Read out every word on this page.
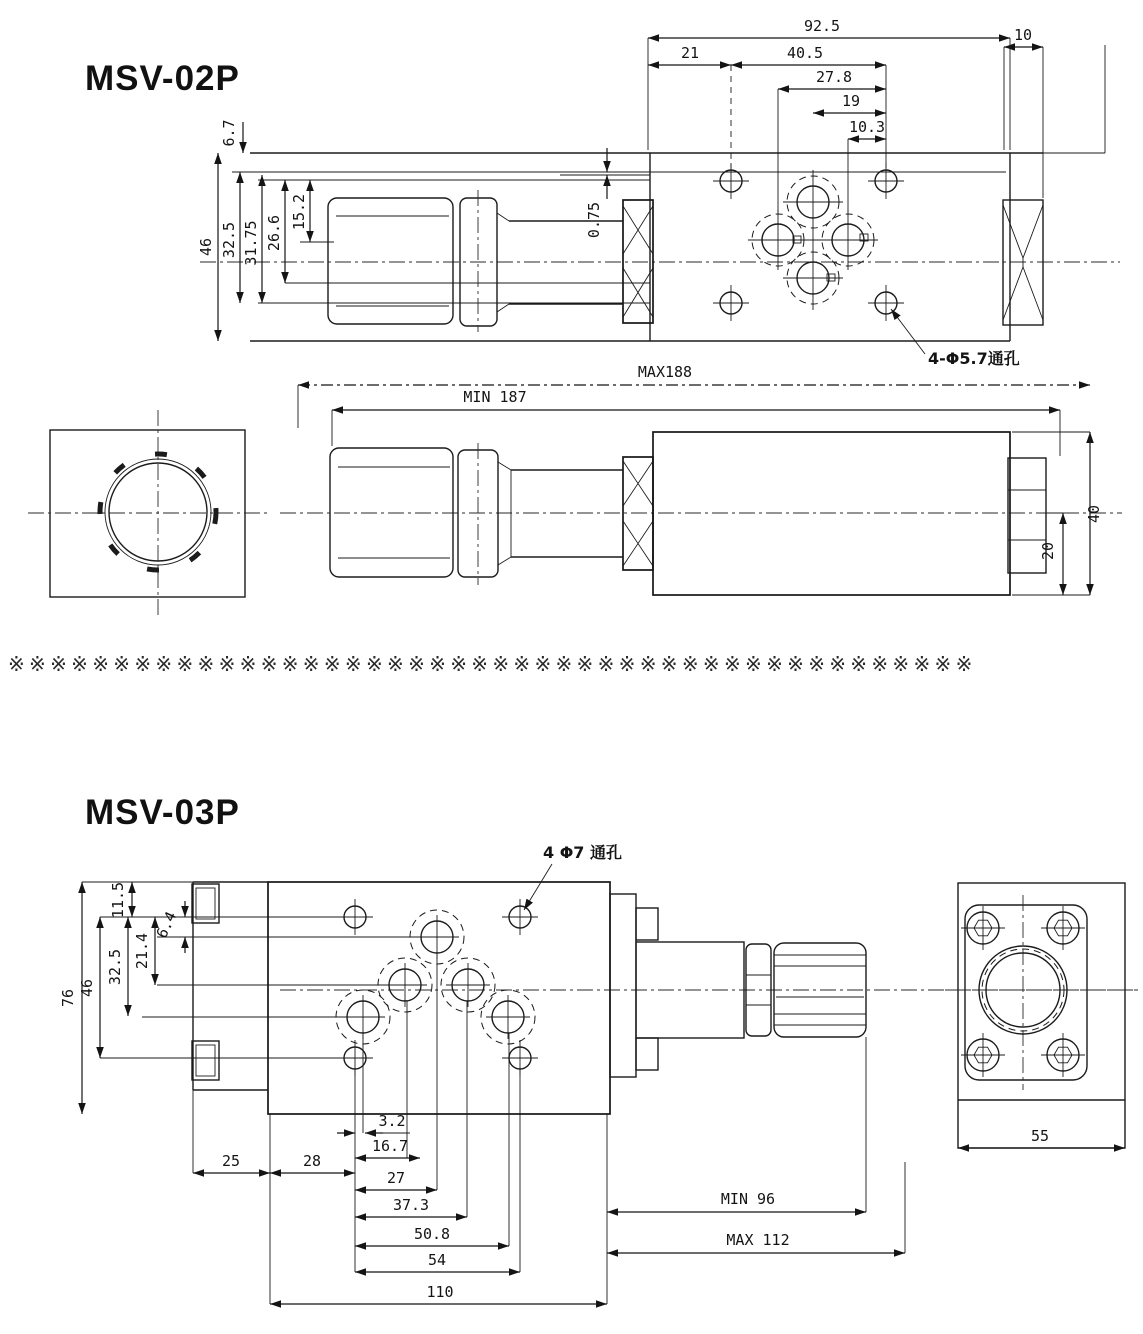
MSV-02P
92.5	10
21	40.5
27.8
19
10.3
6.7
46 32.5 31.75 26.6
15.2	0.75
4-Φ5.7通孔
MAX188
MIN 187
40
20
MSV-03P
4 Φ7 通孔
76
46
32.5 21.4
11.5
6.4
3.2
16.7
25	28
27
37.3
50.8
54
110
MIN 96
MAX 112
55
※※※※※※※※※※※※※※※※※※※※※※※※※※※※※※※※※※※※※※※※※※※※※※
